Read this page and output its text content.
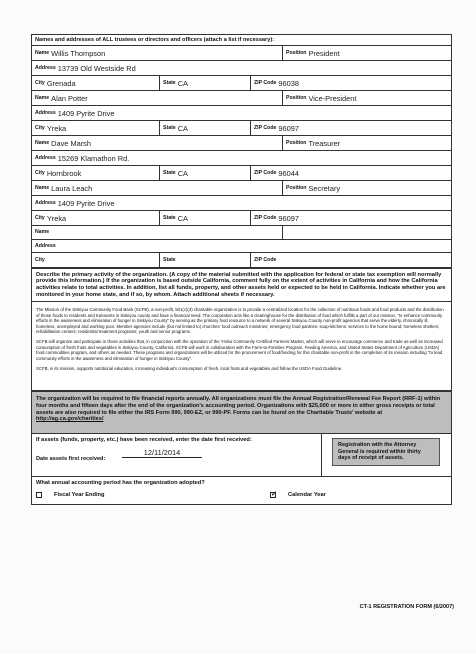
Names and addresses of ALL trustees or directors and officers (attach a list if necessary):
Name Willis Thompson	Position President
Address 13739 Old Westside Rd
City Grenada	State CA	ZIP Code 96038
Name Alan Potter	Position Vice-President
Address 1409 Pyrite Drive
City Yreka	State CA	ZIP Code 96097
Name Dave Marsh	Position Treasurer
Address 15269 Klamathon Rd.
City Hornbrook	State CA	ZIP Code 96044
Name Laura Leach	Position Secretary
Address 1409 Pyrite Drive
City Yreka	State CA	ZIP Code 96097
Name
Address
City	State	ZIP Code
Describe the primary activity of the organization. (A copy of the material submitted with the application for federal or state tax exemption will normally provide this information.) If the organization is based outside California, comment fully on the extent of activities in California and how the California activities relate to total activities. In addition, list all funds, property, and other assets held or expected to be held in California. Indicate whether you are monitored in your home state, and if so, by whom. Attach additional sheets if necessary.

The Mission of the Siskiyou Community Food Bank (SCFB), a non-profit, 501(c)(3) charitable organization is to provide a centralized location for the collection of nutritious foods and food products and the distribution of those foods to residents and transients in Siskiyou county and have a financial need. The corporation acts like a clearinghouse for the distribution of food which fulfills a part of our mission, "to enhance community efforts in the awareness and elimination of hunger in Siskiyou County" by serving as the primary food resource to a network of several Siskiyou County non-profit agencies that serve the elderly, chronically ill, homeless, unemployed and working poor. Member agencies include (but not limited to) churches' food outreach ministries; emergency food pantries; soup-kitchens; services to the home bound; homeless shelters; rehabilitation centers; residential treatment programs; youth and senior programs.

SCFB will organize and participate in those activities that, in conjunction with the operation of the Yreka Community Certified Farmers Market, which will serve to encourage commerce and trade as well as increased consumption of fresh fruits and vegetables in Siskiyou County, California. SCFB will work in collaboration with the Farm-to-Families Program, Feeding America, and United States Department of Agriculture (USDA) food commodities program, and others as needed. These programs and organizations will be utilized for the procurement of food/funding for this charitable non-profit in the completion of its mission including "to lead community efforts in the awareness and elimination of hunger in Siskiyou County".

SCFB, in its mission, supports nutritional education, increasing individual's consumption of fresh, local fruits and vegetables and follow the USDA Food Guideline.

The organization will be required to file financial reports annually. All organizations must file the Annual Registration/Renewal Fee Report (RRF-1) within four months and fifteen days after the end of the organization's accounting period. Organizations with $25,000 or more in either gross receipts or total assets are also required to file either the IRS Form 990, 990-EZ, or 990-PF. Forms can be found on the Charitable Trusts' website at http://ag.ca.gov/charities/
If assets (funds, property, etc.) have been received, enter the date first received:
Date assets first received:
12/11/2014
Registration with the Attorney General is required within thirty days of receipt of assets.
What annual accounting period has the organization adopted?
Fiscal Year Ending
✓	Calendar Year
CT-1 REGISTRATION FORM (6/2007)
